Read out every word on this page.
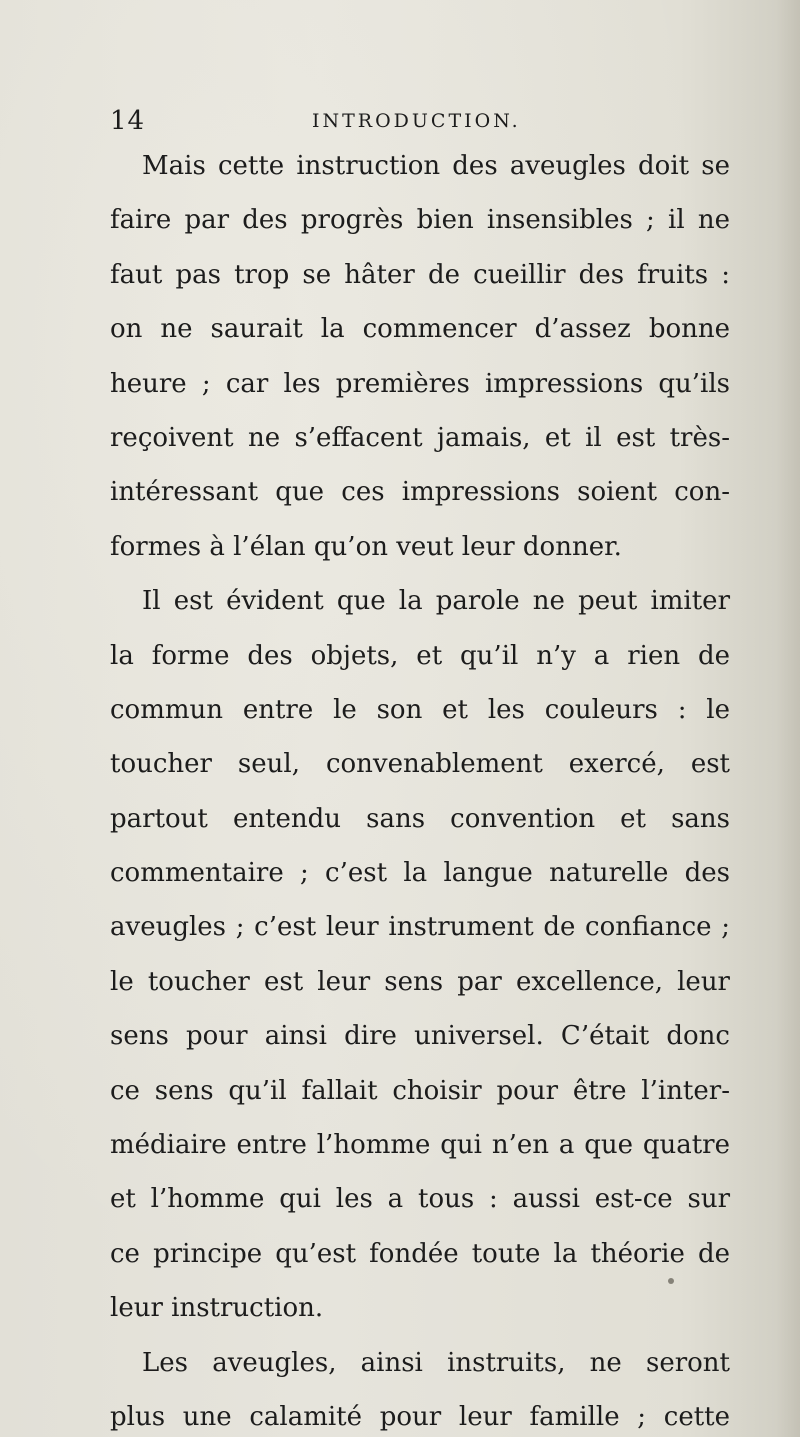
14	INTRODUCTION.
Mais cette instruction des aveugles doit se
faire par des progrès bien insensibles ; il ne
faut pas trop se hâter de cueillir des fruits :
on ne saurait la commencer d’assez bonne
heure ; car les premières impressions qu’ils
reçoivent ne s’effacent jamais, et il est très-
intéressant que ces impressions soient con-
formes à l’élan qu’on veut leur donner.
Il est évident que la parole ne peut imiter
la forme des objets, et qu’il n’y a rien de
commun entre le son et les couleurs : le
toucher seul, convenablement exercé, est
partout entendu sans convention et sans
commentaire ; c’est la langue naturelle des
aveugles ; c’est leur instrument de confiance ;
le toucher est leur sens par excellence, leur
sens pour ainsi dire universel. C’était donc
ce sens qu’il fallait choisir pour être l’inter-
médiaire entre l’homme qui n’en a que quatre
et l’homme qui les a tous : aussi est-ce sur
ce principe qu’est fondée toute la théorie de
leur instruction.
Les aveugles, ainsi instruits, ne seront
plus une calamité pour leur famille ; cette
